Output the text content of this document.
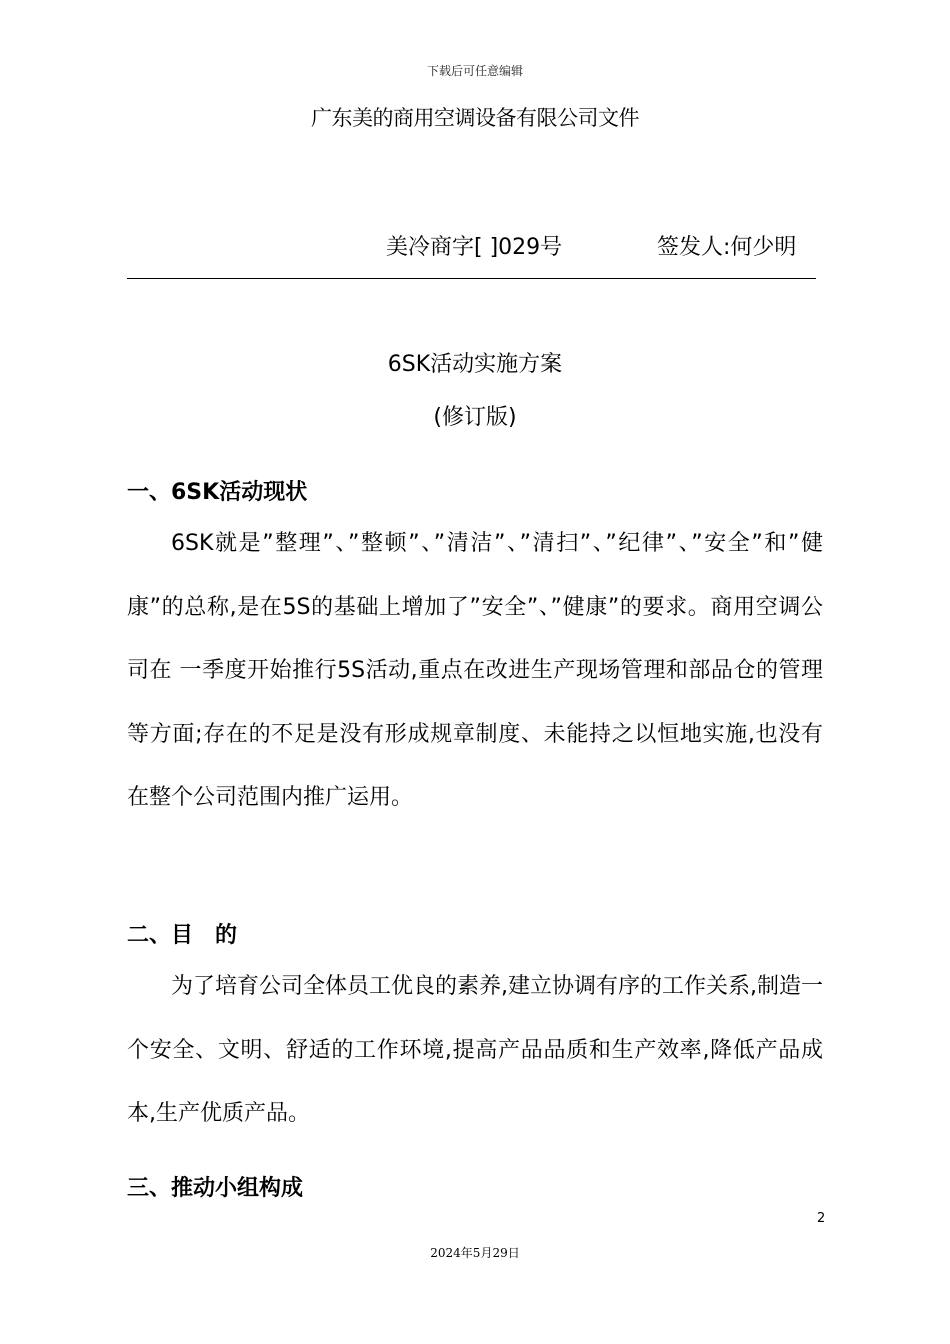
下载后可任意编辑
广东美的商用空调设备有限公司文件
美冷商字[ ]029号	签发人:何少明
6SK活动实施方案
(修订版)
一、6SK活动现状
6SK就是”整理”、”整顿”、”清洁”、”清扫”、”纪律”、”安全”和”健康”的总称,是在5S的基础上增加了”安全”、”健康”的要求。商用空调公司在 一季度开始推行5S活动,重点在改进生产现场管理和部品仓的管理等方面;存在的不足是没有形成规章制度、未能持之以恒地实施,也没有在整个公司范围内推广运用。
二、目　的
为了培育公司全体员工优良的素养,建立协调有序的工作关系,制造一个安全、文明、舒适的工作环境,提高产品品质和生产效率,降低产品成本,生产优质产品。
三、推动小组构成
2
2024年5月29日
